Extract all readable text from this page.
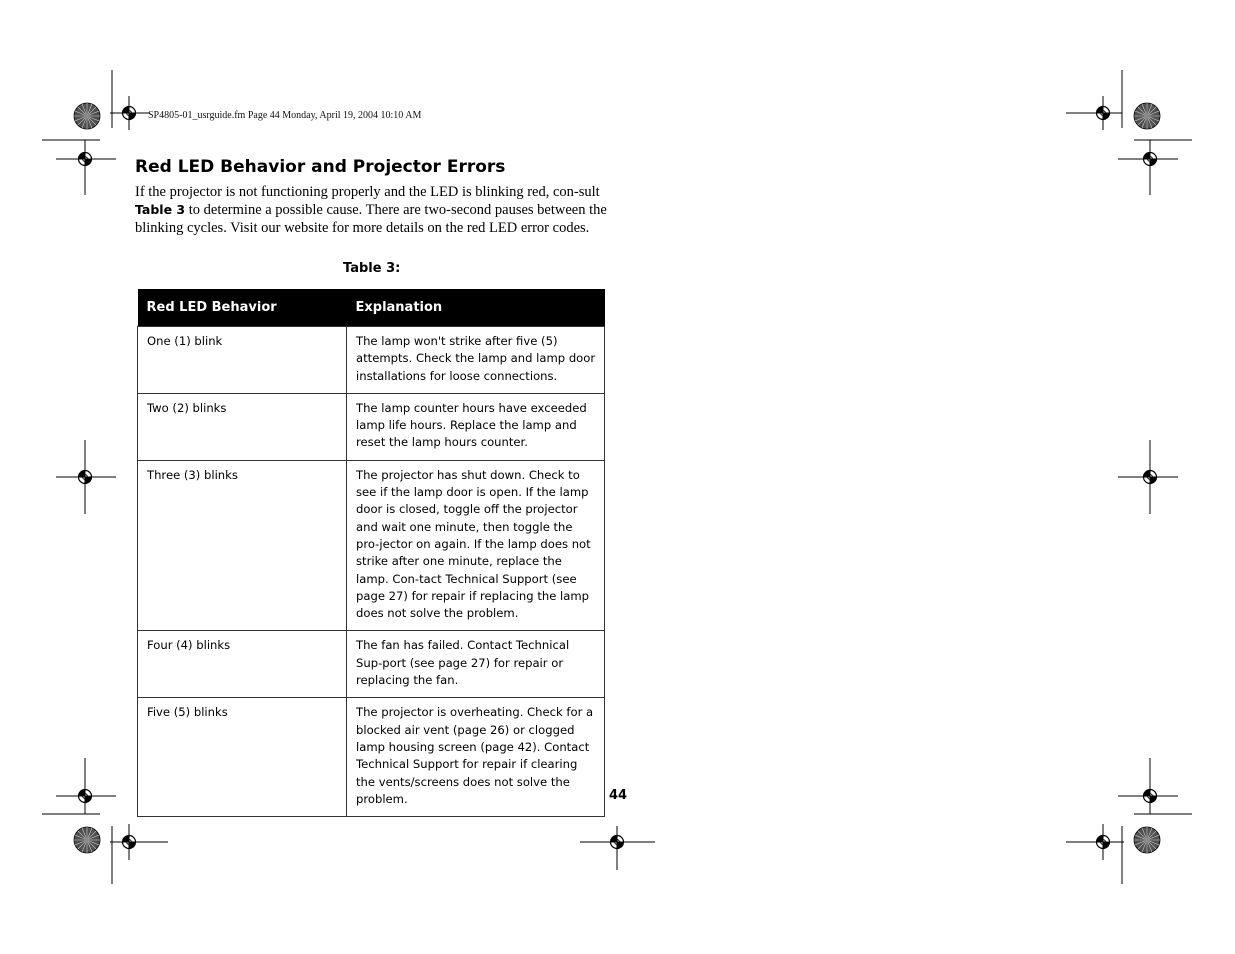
SP4805-01_usrguide.fm Page 44 Monday, April 19, 2004 10:10 AM
Red LED Behavior and Projector Errors

If the projector is not functioning properly and the LED is blinking red, con-sult Table 3 to determine a possible cause. There are two-second pauses between the blinking cycles. Visit our website for more details on the red LED error codes.

Table 3:
Red LED Behavior	Explanation
One (1) blink	The lamp won't strike after five (5) attempts. Check the lamp and lamp door installations for loose connections.
Two (2) blinks	The lamp counter hours have exceeded lamp life hours. Replace the lamp and reset the lamp hours counter.
Three (3) blinks	The projector has shut down. Check to see if the lamp door is open. If the lamp door is closed, toggle off the projector and wait one minute, then toggle the pro-jector on again. If the lamp does not strike after one minute, replace the lamp. Con-tact Technical Support (see page 27) for repair if replacing the lamp does not solve the problem.
Four (4) blinks	The fan has failed. Contact Technical Sup-port (see page 27) for repair or replacing the fan.
Five (5) blinks	The projector is overheating. Check for a blocked air vent (page 26) or clogged lamp housing screen (page 42). Contact Technical Support for repair if clearing the vents/screens does not solve the problem.	44
